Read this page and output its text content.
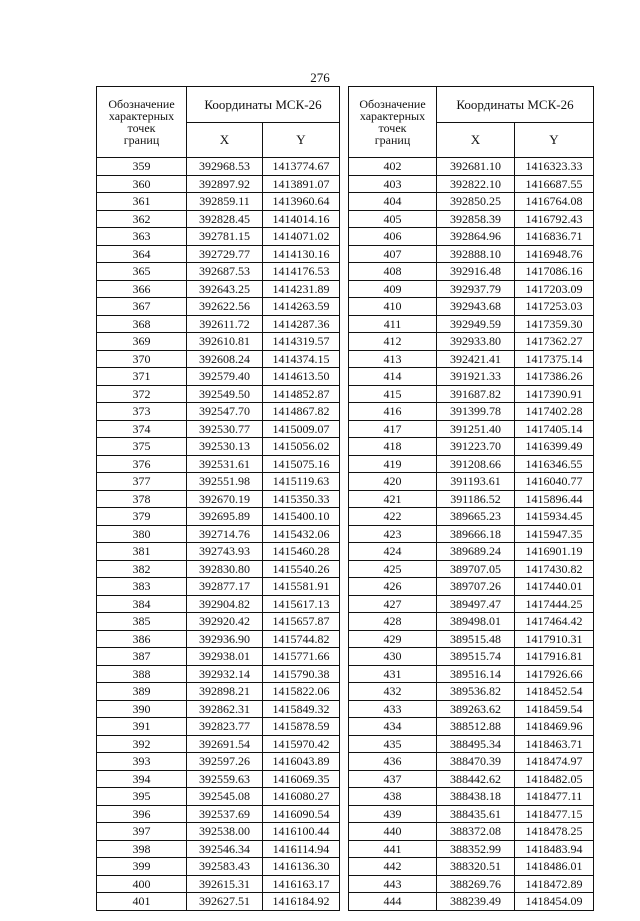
276
Обозначение
характерных
точек
границ	Координаты МСК-26	
	X	Y
359	392968.53	1413774.67
360	392897.92	1413891.07
361	392859.11	1413960.64
362	392828.45	1414014.16
363	392781.15	1414071.02
364	392729.77	1414130.16
365	392687.53	1414176.53
366	392643.25	1414231.89
367	392622.56	1414263.59
368	392611.72	1414287.36
369	392610.81	1414319.57
370	392608.24	1414374.15
371	392579.40	1414613.50
372	392549.50	1414852.87
373	392547.70	1414867.82
374	392530.77	1415009.07
375	392530.13	1415056.02
376	392531.61	1415075.16
377	392551.98	1415119.63
378	392670.19	1415350.33
379	392695.89	1415400.10
380	392714.76	1415432.06
381	392743.93	1415460.28
382	392830.80	1415540.26
383	392877.17	1415581.91
384	392904.82	1415617.13
385	392920.42	1415657.87
386	392936.90	1415744.82
387	392938.01	1415771.66
388	392932.14	1415790.38
389	392898.21	1415822.06
390	392862.31	1415849.32
391	392823.77	1415878.59
392	392691.54	1415970.42
393	392597.26	1416043.89
394	392559.63	1416069.35
395	392545.08	1416080.27
396	392537.69	1416090.54
397	392538.00	1416100.44
398	392546.34	1416114.94
399	392583.43	1416136.30
400	392615.31	1416163.17
401	392627.51	1416184.92
Обозначение
характерных
точек
границ	Координаты МСК-26	
	X	Y
402	392681.10	1416323.33
403	392822.10	1416687.55
404	392850.25	1416764.08
405	392858.39	1416792.43
406	392864.96	1416836.71
407	392888.10	1416948.76
408	392916.48	1417086.16
409	392937.79	1417203.09
410	392943.68	1417253.03
411	392949.59	1417359.30
412	392933.80	1417362.27
413	392421.41	1417375.14
414	391921.33	1417386.26
415	391687.82	1417390.91
416	391399.78	1417402.28
417	391251.40	1417405.14
418	391223.70	1416399.49
419	391208.66	1416346.55
420	391193.61	1416040.77
421	391186.52	1415896.44
422	389665.23	1415934.45
423	389666.18	1415947.35
424	389689.24	1416901.19
425	389707.05	1417430.82
426	389707.26	1417440.01
427	389497.47	1417444.25
428	389498.01	1417464.42
429	389515.48	1417910.31
430	389515.74	1417916.81
431	389516.14	1417926.66
432	389536.82	1418452.54
433	389263.62	1418459.54
434	388512.88	1418469.96
435	388495.34	1418463.71
436	388470.39	1418474.97
437	388442.62	1418482.05
438	388438.18	1418477.11
439	388435.61	1418477.15
440	388372.08	1418478.25
441	388352.99	1418483.94
442	388320.51	1418486.01
443	388269.76	1418472.89
444	388239.49	1418454.09
